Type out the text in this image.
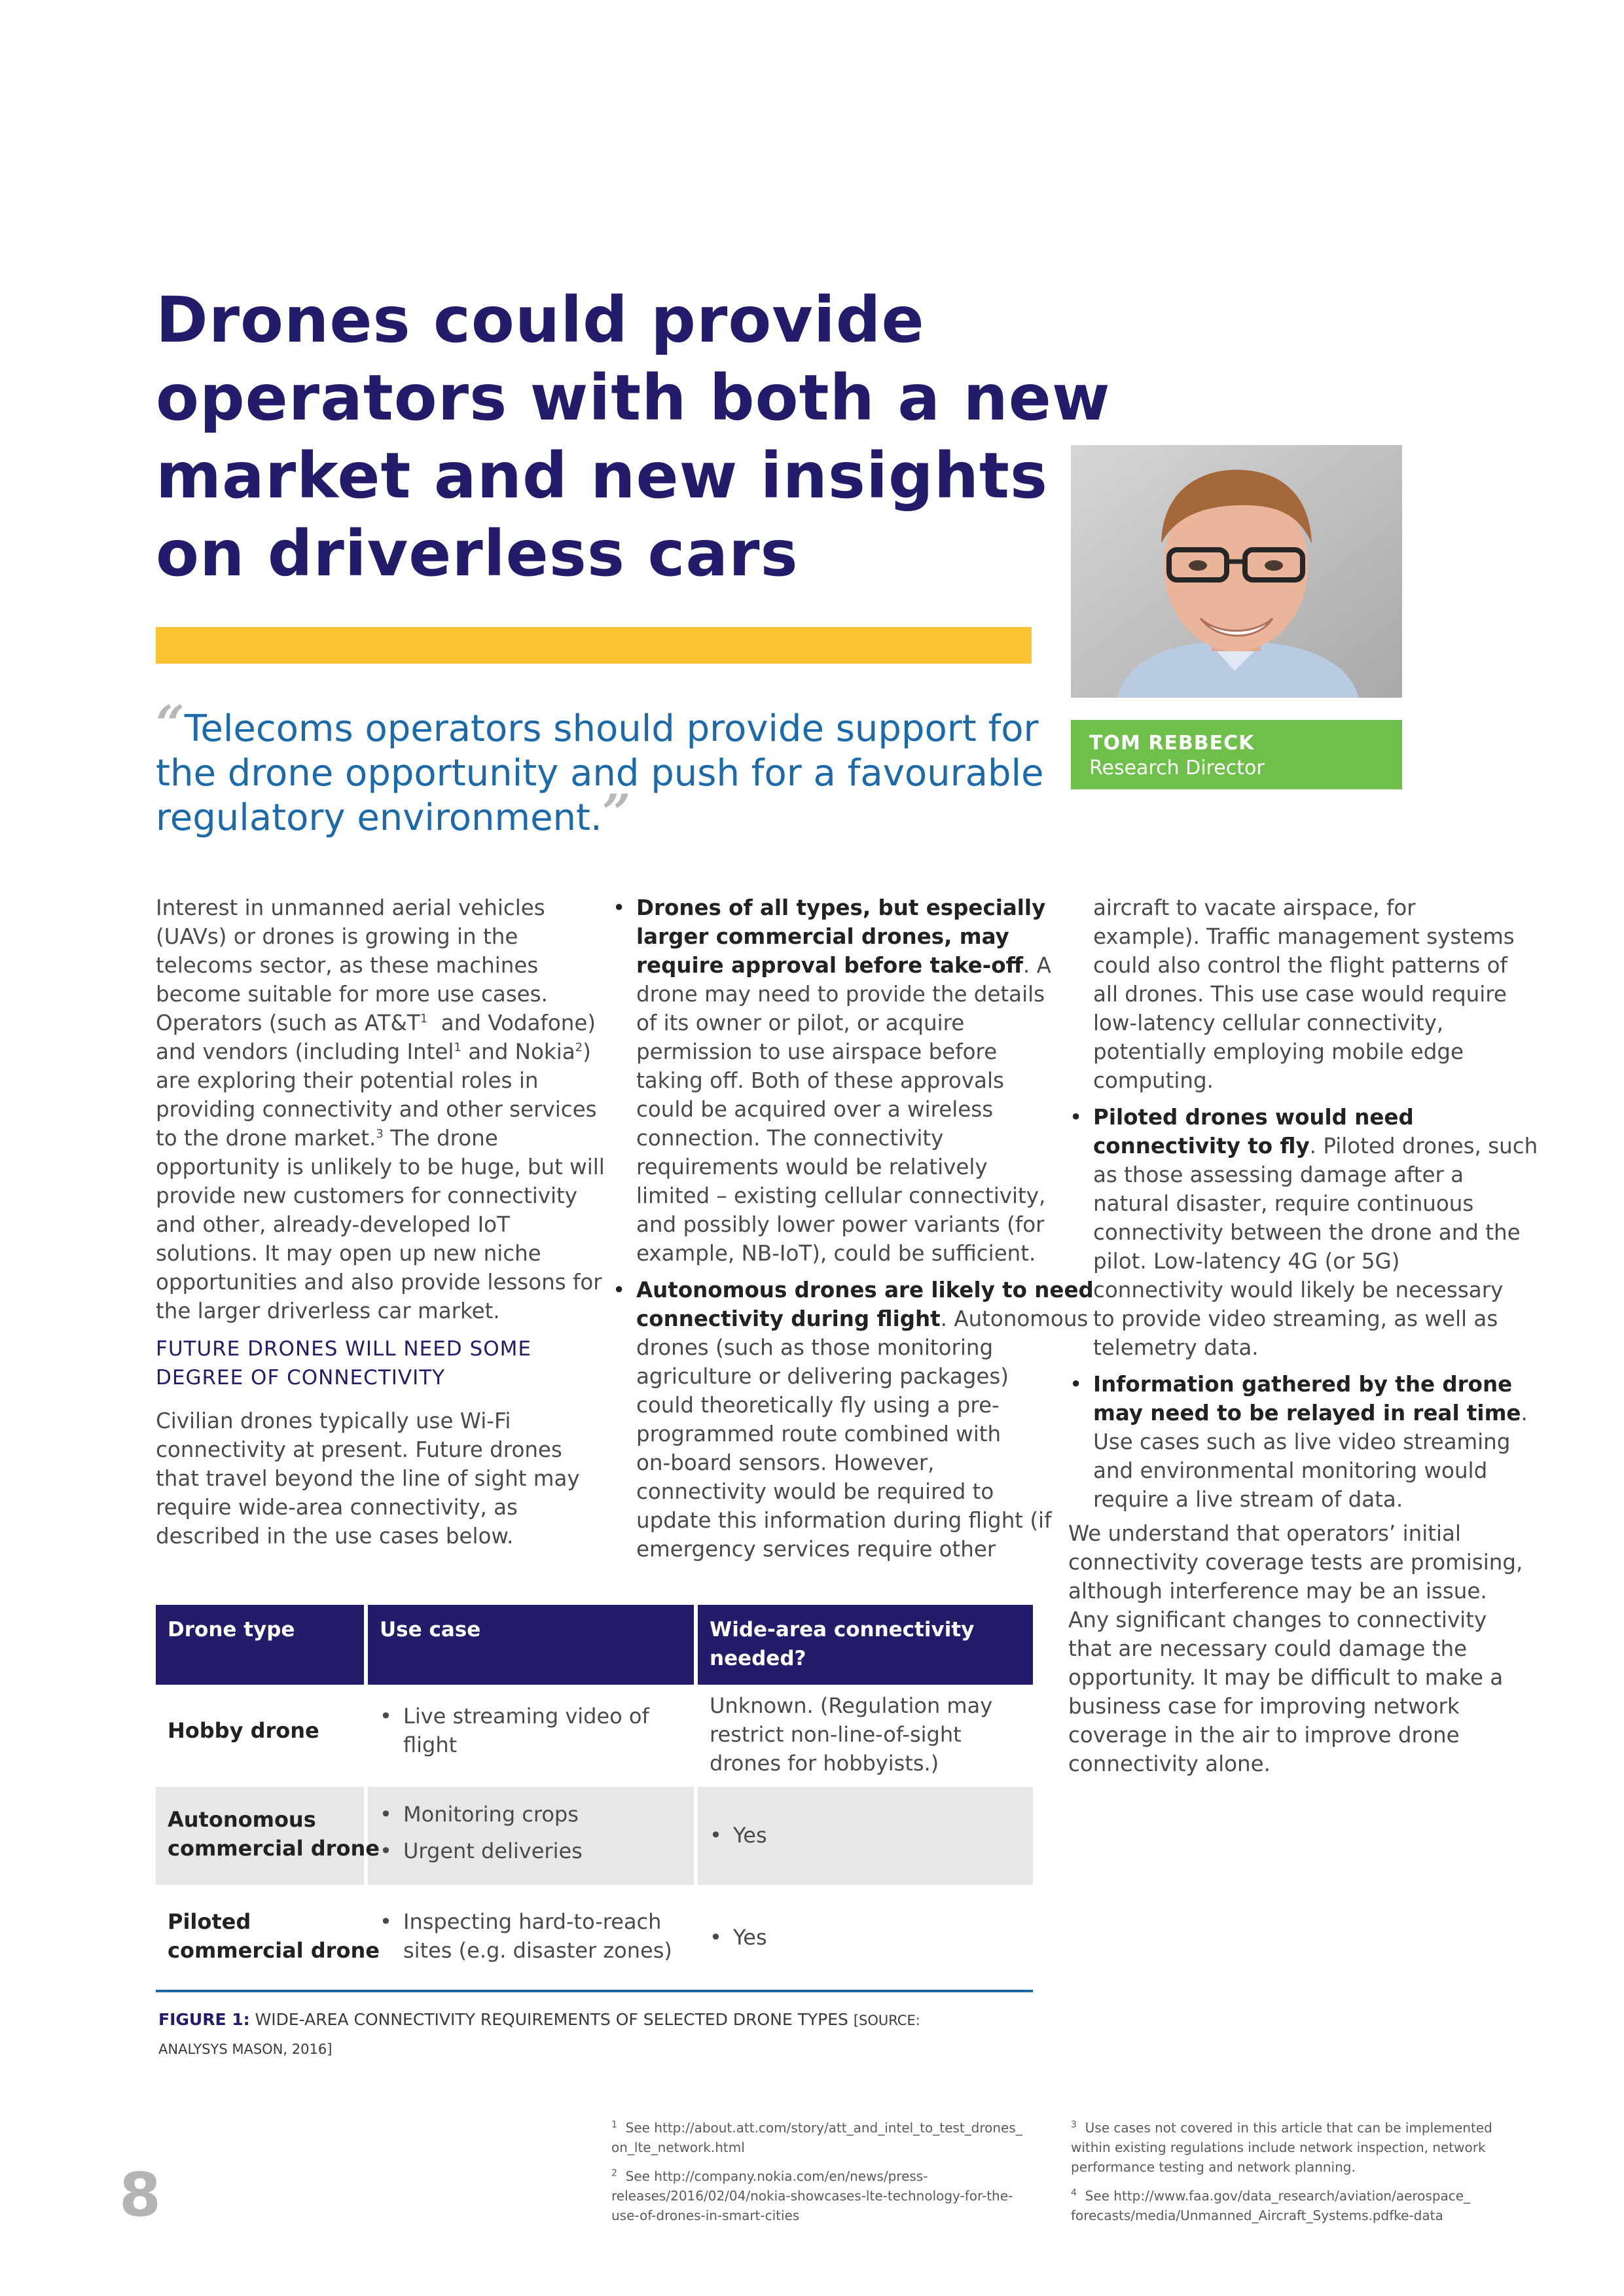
Drones could provide
operators with both a new
market and new insights
on driverless cars
TOM REBBECK
Research Director
“Telecoms operators should provide support for
the drone opportunity and push for a favourable
regulatory environment.”

Interest in unmanned aerial vehicles
(UAVs) or drones is growing in the
telecoms sector, as these machines
become suitable for more use cases.
Operators (such as $AT\&T^1$  and Vodafone)
and vendors (including Intel$^1$ and Nokia$^2$)
are exploring their potential roles in
providing connectivity and other services
to the drone market.$^3$ The drone
opportunity is unlikely to be huge, but will
provide new customers for connectivity
and other, already-developed IoT
solutions. It may open up new niche
opportunities and also provide lessons for
the larger driverless car market.

FUTURE DRONES WILL NEED SOME
DEGREE OF CONNECTIVITY

Civilian drones typically use Wi-Fi
connectivity at present. Future drones
that travel beyond the line of sight may
require wide-area connectivity, as
described in the use cases below.

• Drones of all types, but especially
larger commercial drones, may
require approval before take-off. A
drone may need to provide the details
of its owner or pilot, or acquire
permission to use airspace before
taking off. Both of these approvals
could be acquired over a wireless
connection. The connectivity
requirements would be relatively
limited – existing cellular connectivity,
and possibly lower power variants (for
example, NB-IoT), could be sufficient.
• Autonomous drones are likely to need
connectivity during flight. Autonomous
drones (such as those monitoring
agriculture or delivering packages)
could theoretically fly using a pre-
programmed route combined with
on-board sensors. However,
connectivity would be required to
update this information during flight (if
emergency services require other
aircraft to vacate airspace, for
example). Traffic management systems
could also control the flight patterns of
all drones. This use case would require
low-latency cellular connectivity,
potentially employing mobile edge
computing.
• Piloted drones would need
connectivity to fly. Piloted drones, such
as those assessing damage after a
natural disaster, require continuous
connectivity between the drone and the
pilot. Low-latency 4G (or 5G)
connectivity would likely be necessary
to provide video streaming, as well as
telemetry data.
• Information gathered by the drone
may need to be relayed in real time.
Use cases such as live video streaming
and environmental monitoring would
require a live stream of data.

We understand that operators’ initial
connectivity coverage tests are promising,
although interference may be an issue.
Any significant changes to connectivity
that are necessary could damage the
opportunity. It may be difficult to make a
business case for improving network
coverage in the air to improve drone
connectivity alone.

Drone type	Use case	Wide-area connectivity
needed?
Hobby drone
• Live streaming video of
flight
Unknown. (Regulation may
restrict non-line-of-sight
drones for hobbyists.)
Autonomous
commercial drone
• Monitoring crops
• Urgent deliveries
• Yes
Piloted
commercial drone
• Inspecting hard-to-reach
sites (e.g. disaster zones)
• Yes
FIGURE 1: WIDE-AREA CONNECTIVITY REQUIREMENTS OF SELECTED DRONE TYPES [SOURCE:
ANALYSYS MASON, 2016]

$^1$  See http://about.att.com/story/att_and_intel_to_test_drones_
on_lte_network.html

$^2$  See http://company.nokia.com/en/news/press-
releases/2016/02/04/nokia-showcases-lte-technology-for-the-
use-of-drones-in-smart-cities

$^3$  Use cases not covered in this article that can be implemented
within existing regulations include network inspection, network
performance testing and network planning.

$^4$  See http://www.faa.gov/data_research/aviation/aerospace_
forecasts/media/Unmanned_Aircraft_Systems.pdfke-data

8
